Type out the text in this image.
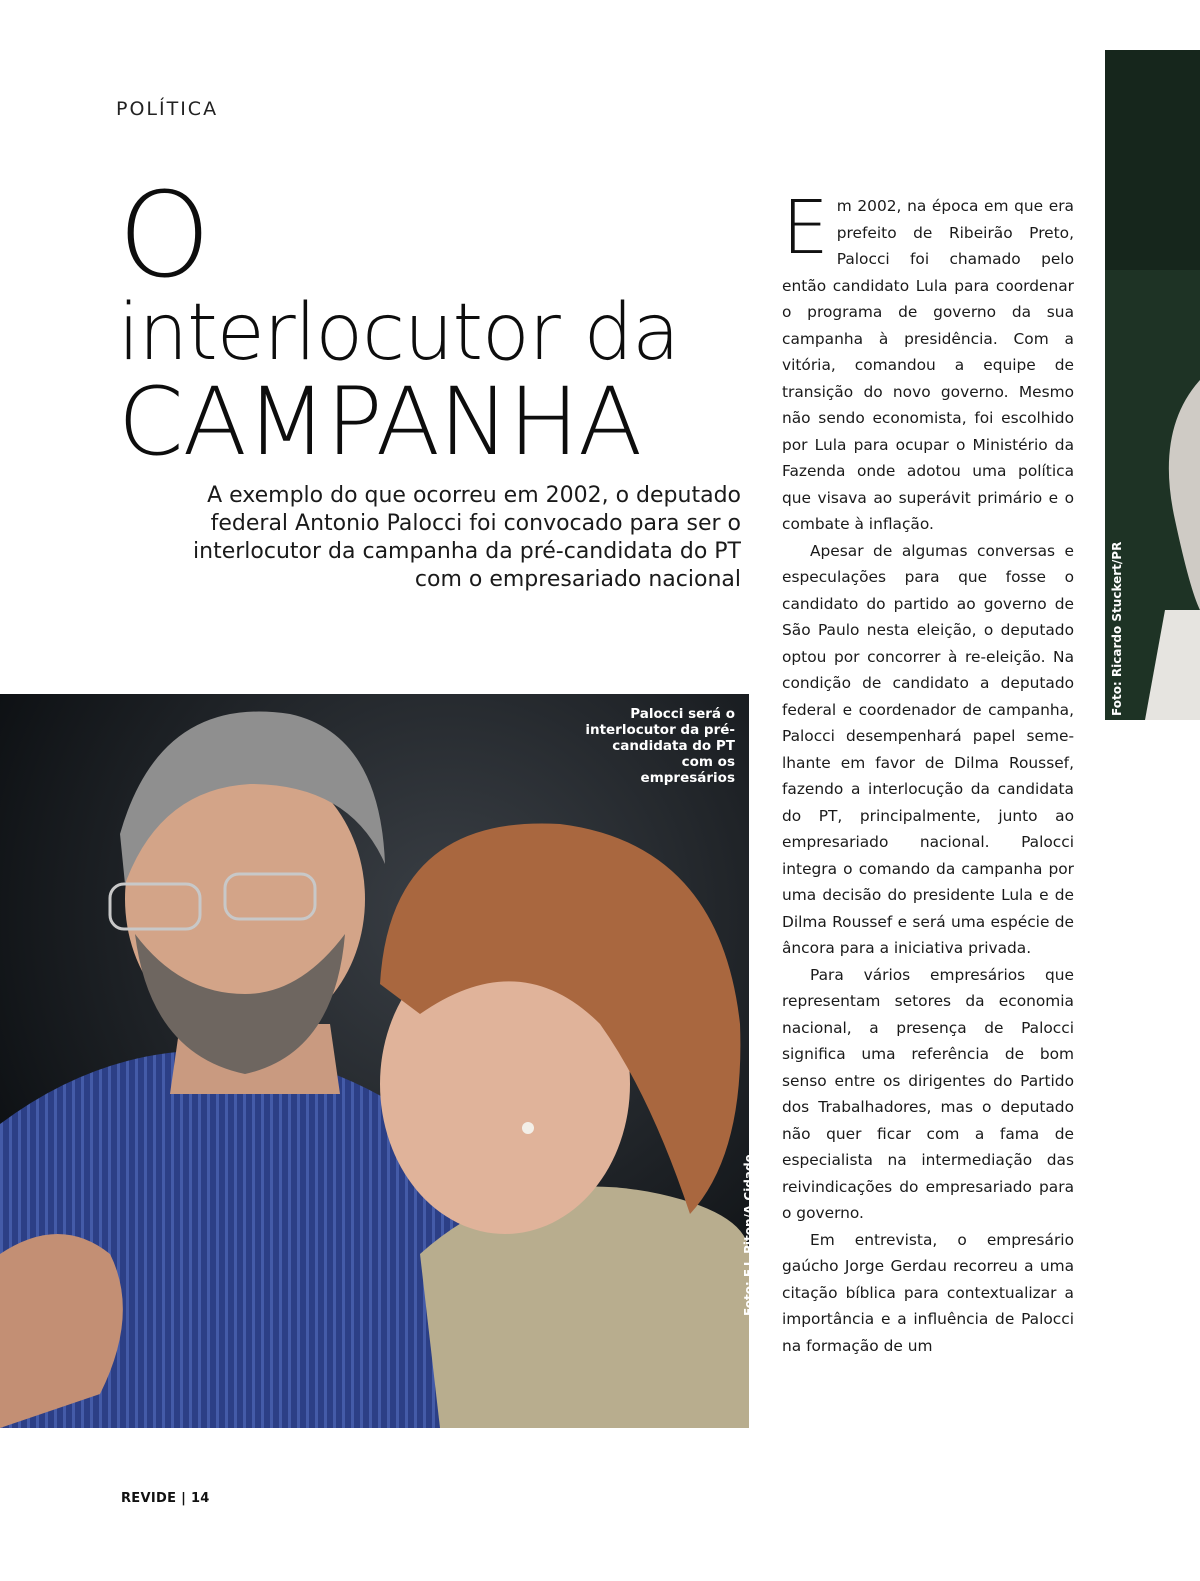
POLÍTICA
O
interlocutor da
CAMPANHA
A exemplo do que ocorreu em 2002, o deputado federal Antonio Palocci foi convocado para ser o interlocutor da campanha da pré-candidata do PT com o empresariado nacional
Palocci será o interlocutor da pré-candidata do PT com os empresários
Foto: F.L.Piton/A Cidade
Foto: Ricardo Stuckert/PR

Em 2002, na época em que era prefeito de Ribeirão Preto, Palocci foi chamado pelo então candidato Lula para coordenar o programa de governo da sua campanha à presidência. Com a vitória, comandou a equipe de transição do novo governo. Mesmo não sendo economista, foi escolhido por Lula para ocupar o Ministério da Fazenda onde adotou uma política que visava ao superávit primário e o combate à inflação.

Apesar de algumas conversas e especulações para que fosse o candidato do partido ao governo de São Paulo nesta eleição, o deputado optou por concorrer à re-eleição. Na condição de candidato a deputado federal e coordenador de campanha, Palocci desempenhará papel semelhante em favor de Dilma Roussef, fazendo a interlocução da candidata do PT, principalmente, junto ao empresariado nacional. Palocci integra o comando da campanha por uma decisão do presidente Lula e de Dilma Roussef e será uma espécie de âncora para a iniciativa privada.

Para vários empresários que representam setores da economia nacional, a presença de Palocci significa uma referência de bom senso entre os dirigentes do Partido dos Trabalhadores, mas o deputado não quer ficar com a fama de especialista na intermediação das reivindicações do empresariado para o governo.

Em entrevista, o empresário gaúcho Jorge Gerdau recorreu a uma citação bíblica para contextualizar a importância e a influência de Palocci na formação de um

REVIDE | 14
